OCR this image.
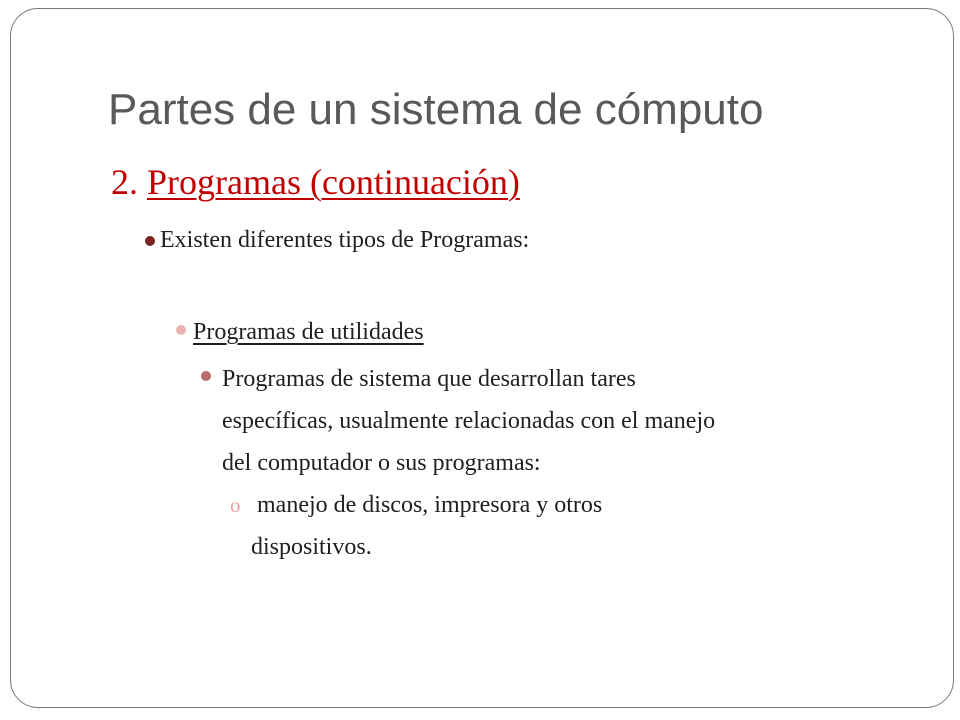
Partes de un sistema de cómputo
2. Programas (continuación)
Existen diferentes tipos de Programas:
Programas de utilidades
Programas de sistema que desarrollan tares
específicas, usualmente relacionadas con el manejo
del computador o sus programas:
o manejo de discos, impresora y otros
dispositivos.
